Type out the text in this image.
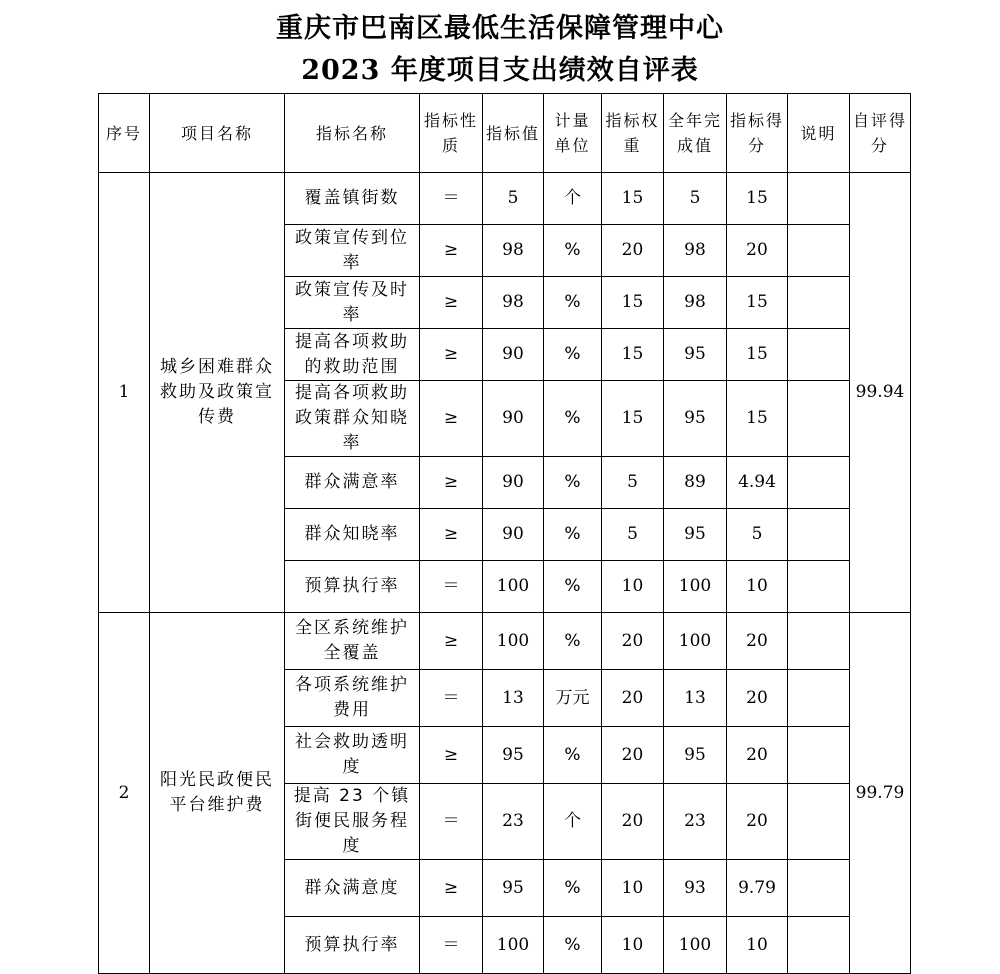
重庆市巴南区最低生活保障管理中心
2023 年度项目支出绩效自评表
序号	项目名称	指标名称	指标性质	指标值	计量单位	指标权重	全年完成值	指标得分	说明	自评得分
1	城乡困难群众救助及政策宣传费	覆盖镇街数	＝	5	个	15	5	15		99.94
		政策宣传到位率	≥	98	%	20	98	20		
		政策宣传及时率	≥	98	%	15	98	15		
		提高各项救助的救助范围	≥	90	%	15	95	15		
		提高各项救助政策群众知晓率	≥	90	%	15	95	15		
		群众满意率	≥	90	%	5	89	4.94		
		群众知晓率	≥	90	%	5	95	5		
		预算执行率	＝	100	%	10	100	10		
2	阳光民政便民平台维护费	全区系统维护全覆盖	≥	100	%	20	100	20		99.79
		各项系统维护费用	＝	13	万元	20	13	20		
		社会救助透明度	≥	95	%	20	95	20		
		提高 23 个镇街便民服务程度	＝	23	个	20	23	20		
		群众满意度	≥	95	%	10	93	9.79		
		预算执行率	＝	100	%	10	100	10		
